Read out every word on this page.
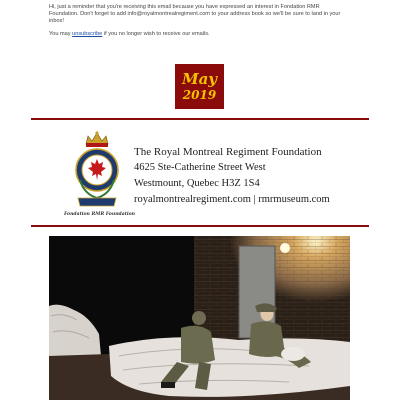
Hi, just a reminder that you're receiving this email because you have expressed an interest in Fondation RMR Foundation. Don't forget to add info@royalmontrealregiment.com to your address book so we'll be sure to land in your inbox!

You may unsubscribe if you no longer wish to receive our emails.

May
2019
Fondation RMR Foundation
The Royal Montreal Regiment Foundation
4625 Ste-Catherine Street West
Westmount, Quebec H3Z 1S4
royalmontrealregiment.com | rmrmuseum.com
